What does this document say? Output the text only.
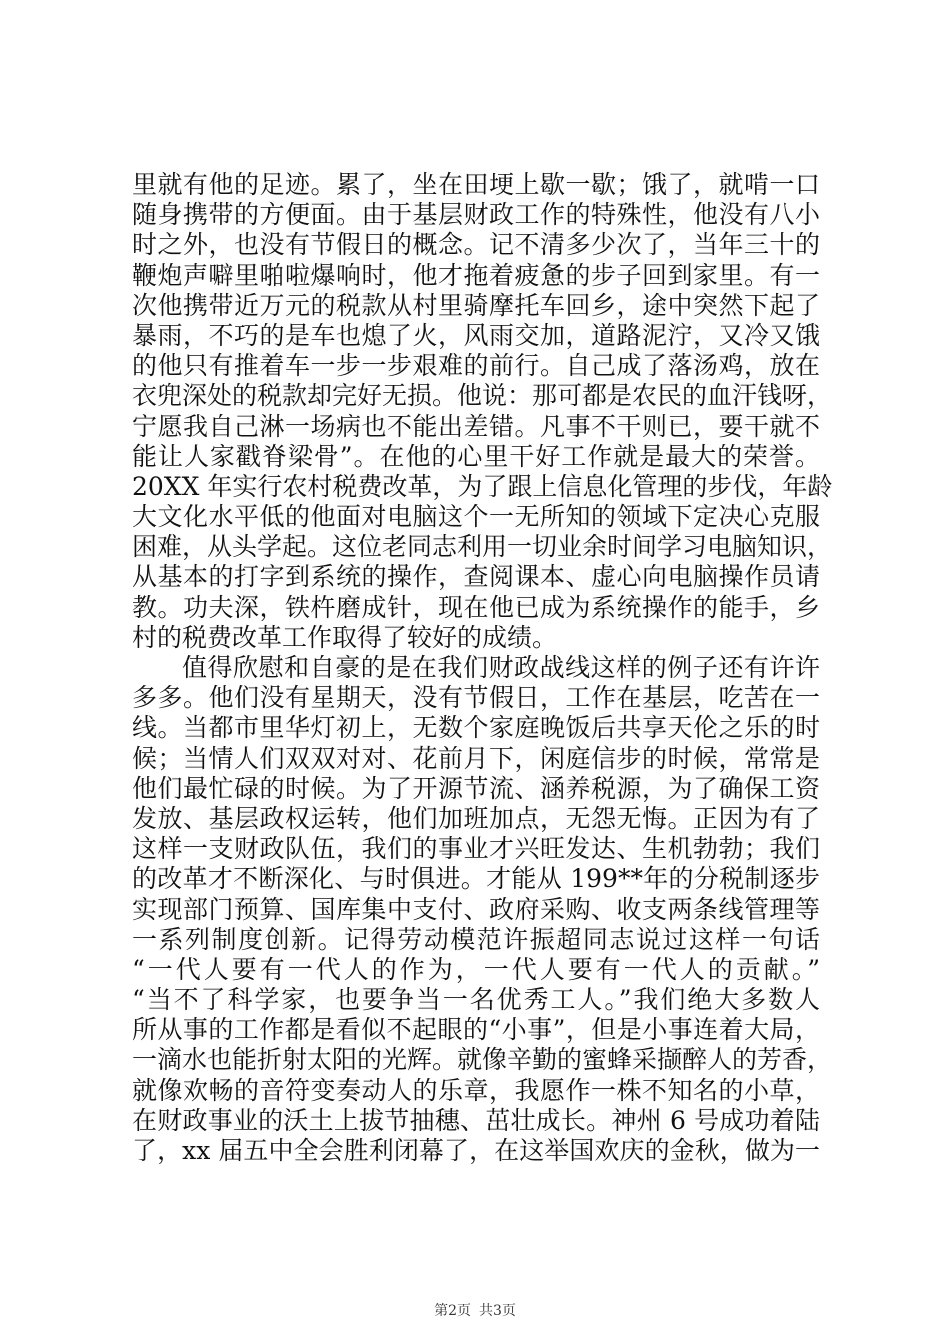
里就有他的足迹。累了，坐在田埂上歇一歇；饿了，就啃一口
随身携带的方便面。由于基层财政工作的特殊性，他没有八小
时之外，也没有节假日的概念。记不清多少次了，当年三十的
鞭炮声噼里啪啦爆响时，他才拖着疲惫的步子回到家里。有一
次他携带近万元的税款从村里骑摩托车回乡，途中突然下起了
暴雨，不巧的是车也熄了火，风雨交加，道路泥泞，又冷又饿
的他只有推着车一步一步艰难的前行。自己成了落汤鸡，放在
衣兜深处的税款却完好无损。他说：那可都是农民的血汗钱呀，
宁愿我自己淋一场病也不能出差错。凡事不干则已，要干就不
能让人家戳脊梁骨”。在他的心里干好工作就是最大的荣誉。
20XX 年实行农村税费改革，为了跟上信息化管理的步伐，年龄
大文化水平低的他面对电脑这个一无所知的领域下定决心克服
困难，从头学起。这位老同志利用一切业余时间学习电脑知识，
从基本的打字到系统的操作，查阅课本、虚心向电脑操作员请
教。功夫深，铁杵磨成针，现在他已成为系统操作的能手，乡
村的税费改革工作取得了较好的成绩。
值得欣慰和自豪的是在我们财政战线这样的例子还有许许
多多。他们没有星期天，没有节假日，工作在基层，吃苦在一
线。当都市里华灯初上，无数个家庭晚饭后共享天伦之乐的时
候；当情人们双双对对、花前月下，闲庭信步的时候，常常是
他们最忙碌的时候。为了开源节流、涵养税源，为了确保工资
发放、基层政权运转，他们加班加点，无怨无悔。正因为有了
这样一支财政队伍，我们的事业才兴旺发达、生机勃勃；我们
的改革才不断深化、与时俱进。才能从 199**年的分税制逐步
实现部门预算、国库集中支付、政府采购、收支两条线管理等
一系列制度创新。记得劳动模范许振超同志说过这样一句话
“一代人要有一代人的作为，一代人要有一代人的贡献。”
“当不了科学家，也要争当一名优秀工人。”我们绝大多数人
所从事的工作都是看似不起眼的“小事”，但是小事连着大局，
一滴水也能折射太阳的光辉。就像辛勤的蜜蜂采撷醉人的芳香，
就像欢畅的音符变奏动人的乐章，我愿作一株不知名的小草，
在财政事业的沃土上拔节抽穗、茁壮成长。神州 6 号成功着陆
了，xx 届五中全会胜利闭幕了，在这举国欢庆的金秋，做为一
第2页 共3页
